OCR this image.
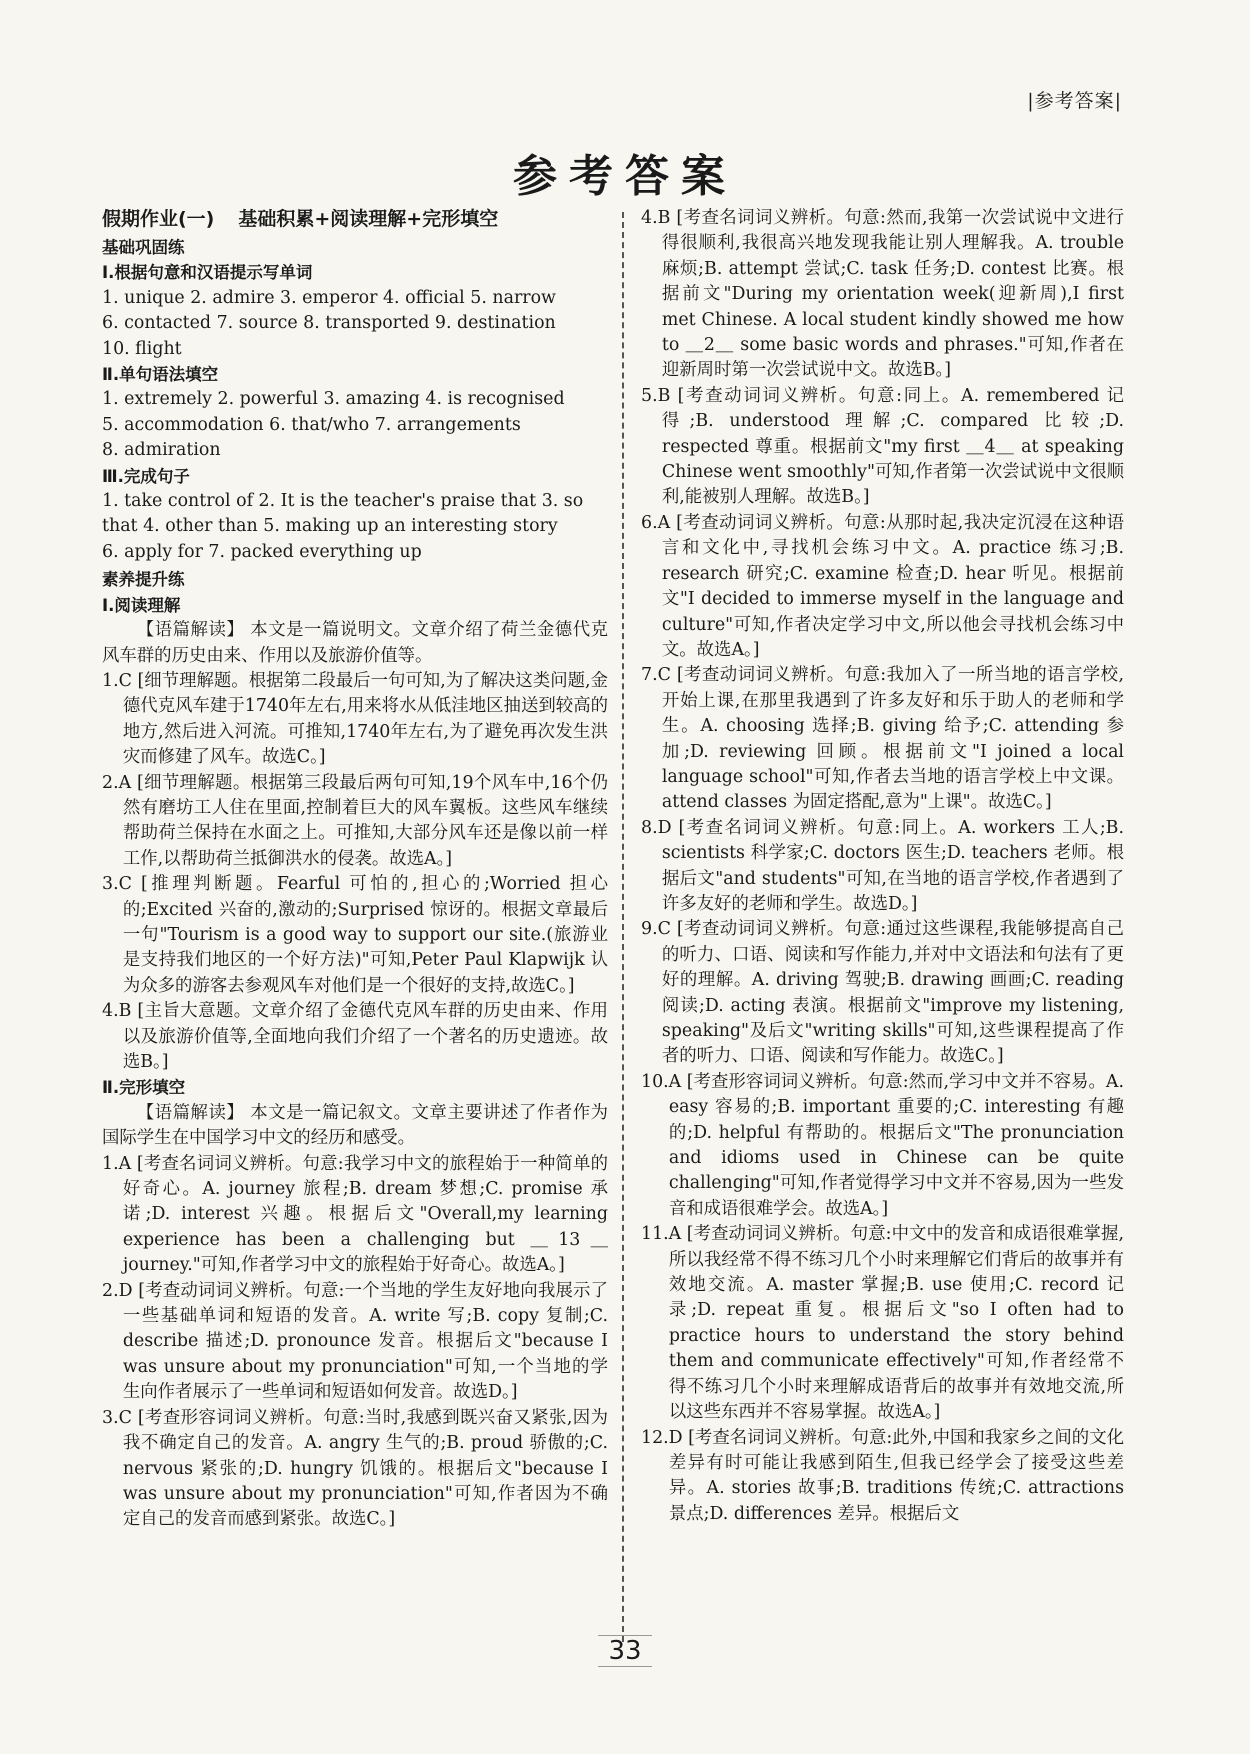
|参考答案|
参考答案
假期作业(一) 基础积累+阅读理解+完形填空
基础巩固练
Ⅰ.根据句意和汉语提示写单词
1. unique 2. admire 3. emperor 4. official 5. narrow
6. contacted 7. source 8. transported 9. destination
10. flight
Ⅱ.单句语法填空
1. extremely 2. powerful 3. amazing 4. is recognised
5. accommodation 6. that/who 7. arrangements
8. admiration
Ⅲ.完成句子
1. take control of 2. It is the teacher's praise that 3. so
that 4. other than 5. making up an interesting story
6. apply for 7. packed everything up
素养提升练
Ⅰ.阅读理解
【语篇解读】 本文是一篇说明文。文章介绍了荷兰金德代克风车群的历史由来、作用以及旅游价值等。
1.C [细节理解题。根据第二段最后一句可知,为了解决这类问题,金德代克风车建于1740年左右,用来将水从低洼地区抽送到较高的地方,然后进入河流。可推知,1740年左右,为了避免再次发生洪灾而修建了风车。故选C。]
2.A [细节理解题。根据第三段最后两句可知,19个风车中,16个仍然有磨坊工人住在里面,控制着巨大的风车翼板。这些风车继续帮助荷兰保持在水面之上。可推知,大部分风车还是像以前一样工作,以帮助荷兰抵御洪水的侵袭。故选A。]
3.C [推理判断题。Fearful 可怕的,担心的;Worried 担心的;Excited 兴奋的,激动的;Surprised 惊讶的。根据文章最后一句"Tourism is a good way to support our site.(旅游业是支持我们地区的一个好方法)"可知,Peter Paul Klapwijk 认为众多的游客去参观风车对他们是一个很好的支持,故选C。]
4.B [主旨大意题。文章介绍了金德代克风车群的历史由来、作用以及旅游价值等,全面地向我们介绍了一个著名的历史遗迹。故选B。]
Ⅱ.完形填空
【语篇解读】 本文是一篇记叙文。文章主要讲述了作者作为国际学生在中国学习中文的经历和感受。
1.A [考查名词词义辨析。句意:我学习中文的旅程始于一种简单的好奇心。A. journey 旅程;B. dream 梦想;C. promise 承诺;D. interest 兴趣。根据后文"Overall,my learning experience has been a challenging but ＿13＿ journey."可知,作者学习中文的旅程始于好奇心。故选A。]
2.D [考查动词词义辨析。句意:一个当地的学生友好地向我展示了一些基础单词和短语的发音。A. write 写;B. copy 复制;C. describe 描述;D. pronounce 发音。根据后文"because I was unsure about my pronunciation"可知,一个当地的学生向作者展示了一些单词和短语如何发音。故选D。]
3.C [考查形容词词义辨析。句意:当时,我感到既兴奋又紧张,因为我不确定自己的发音。A. angry 生气的;B. proud 骄傲的;C. nervous 紧张的;D. hungry 饥饿的。根据后文"because I was unsure about my pronunciation"可知,作者因为不确定自己的发音而感到紧张。故选C。]
4.B [考查名词词义辨析。句意:然而,我第一次尝试说中文进行得很顺利,我很高兴地发现我能让别人理解我。A. trouble 麻烦;B. attempt 尝试;C. task 任务;D. contest 比赛。根据前文"During my orientation week(迎新周),I first met Chinese. A local student kindly showed me how to ＿2＿ some basic words and phrases."可知,作者在迎新周时第一次尝试说中文。故选B。]
5.B [考查动词词义辨析。句意:同上。A. remembered 记得;B. understood 理解;C. compared 比较;D. respected 尊重。根据前文"my first ＿4＿ at speaking Chinese went smoothly"可知,作者第一次尝试说中文很顺利,能被别人理解。故选B。]
6.A [考查动词词义辨析。句意:从那时起,我决定沉浸在这种语言和文化中,寻找机会练习中文。A. practice 练习;B. research 研究;C. examine 检查;D. hear 听见。根据前文"I decided to immerse myself in the language and culture"可知,作者决定学习中文,所以他会寻找机会练习中文。故选A。]
7.C [考查动词词义辨析。句意:我加入了一所当地的语言学校,开始上课,在那里我遇到了许多友好和乐于助人的老师和学生。A. choosing 选择;B. giving 给予;C. attending 参加;D. reviewing 回顾。根据前文"I joined a local language school"可知,作者去当地的语言学校上中文课。attend classes 为固定搭配,意为"上课"。故选C。]
8.D [考查名词词义辨析。句意:同上。A. workers 工人;B. scientists 科学家;C. doctors 医生;D. teachers 老师。根据后文"and students"可知,在当地的语言学校,作者遇到了许多友好的老师和学生。故选D。]
9.C [考查动词词义辨析。句意:通过这些课程,我能够提高自己的听力、口语、阅读和写作能力,并对中文语法和句法有了更好的理解。A. driving 驾驶;B. drawing 画画;C. reading 阅读;D. acting 表演。根据前文"improve my listening, speaking"及后文"writing skills"可知,这些课程提高了作者的听力、口语、阅读和写作能力。故选C。]
10.A [考查形容词词义辨析。句意:然而,学习中文并不容易。A. easy 容易的;B. important 重要的;C. interesting 有趣的;D. helpful 有帮助的。根据后文"The pronunciation and idioms used in Chinese can be quite challenging"可知,作者觉得学习中文并不容易,因为一些发音和成语很难学会。故选A。]
11.A [考查动词词义辨析。句意:中文中的发音和成语很难掌握,所以我经常不得不练习几个小时来理解它们背后的故事并有效地交流。A. master 掌握;B. use 使用;C. record 记录;D. repeat 重复。根据后文"so I often had to practice hours to understand the story behind them and communicate effectively"可知,作者经常不得不练习几个小时来理解成语背后的故事并有效地交流,所以这些东西并不容易掌握。故选A。]
12.D [考查名词词义辨析。句意:此外,中国和我家乡之间的文化差异有时可能让我感到陌生,但我已经学会了接受这些差异。A. stories 故事;B. traditions 传统;C. attractions 景点;D. differences 差异。根据后文
33
